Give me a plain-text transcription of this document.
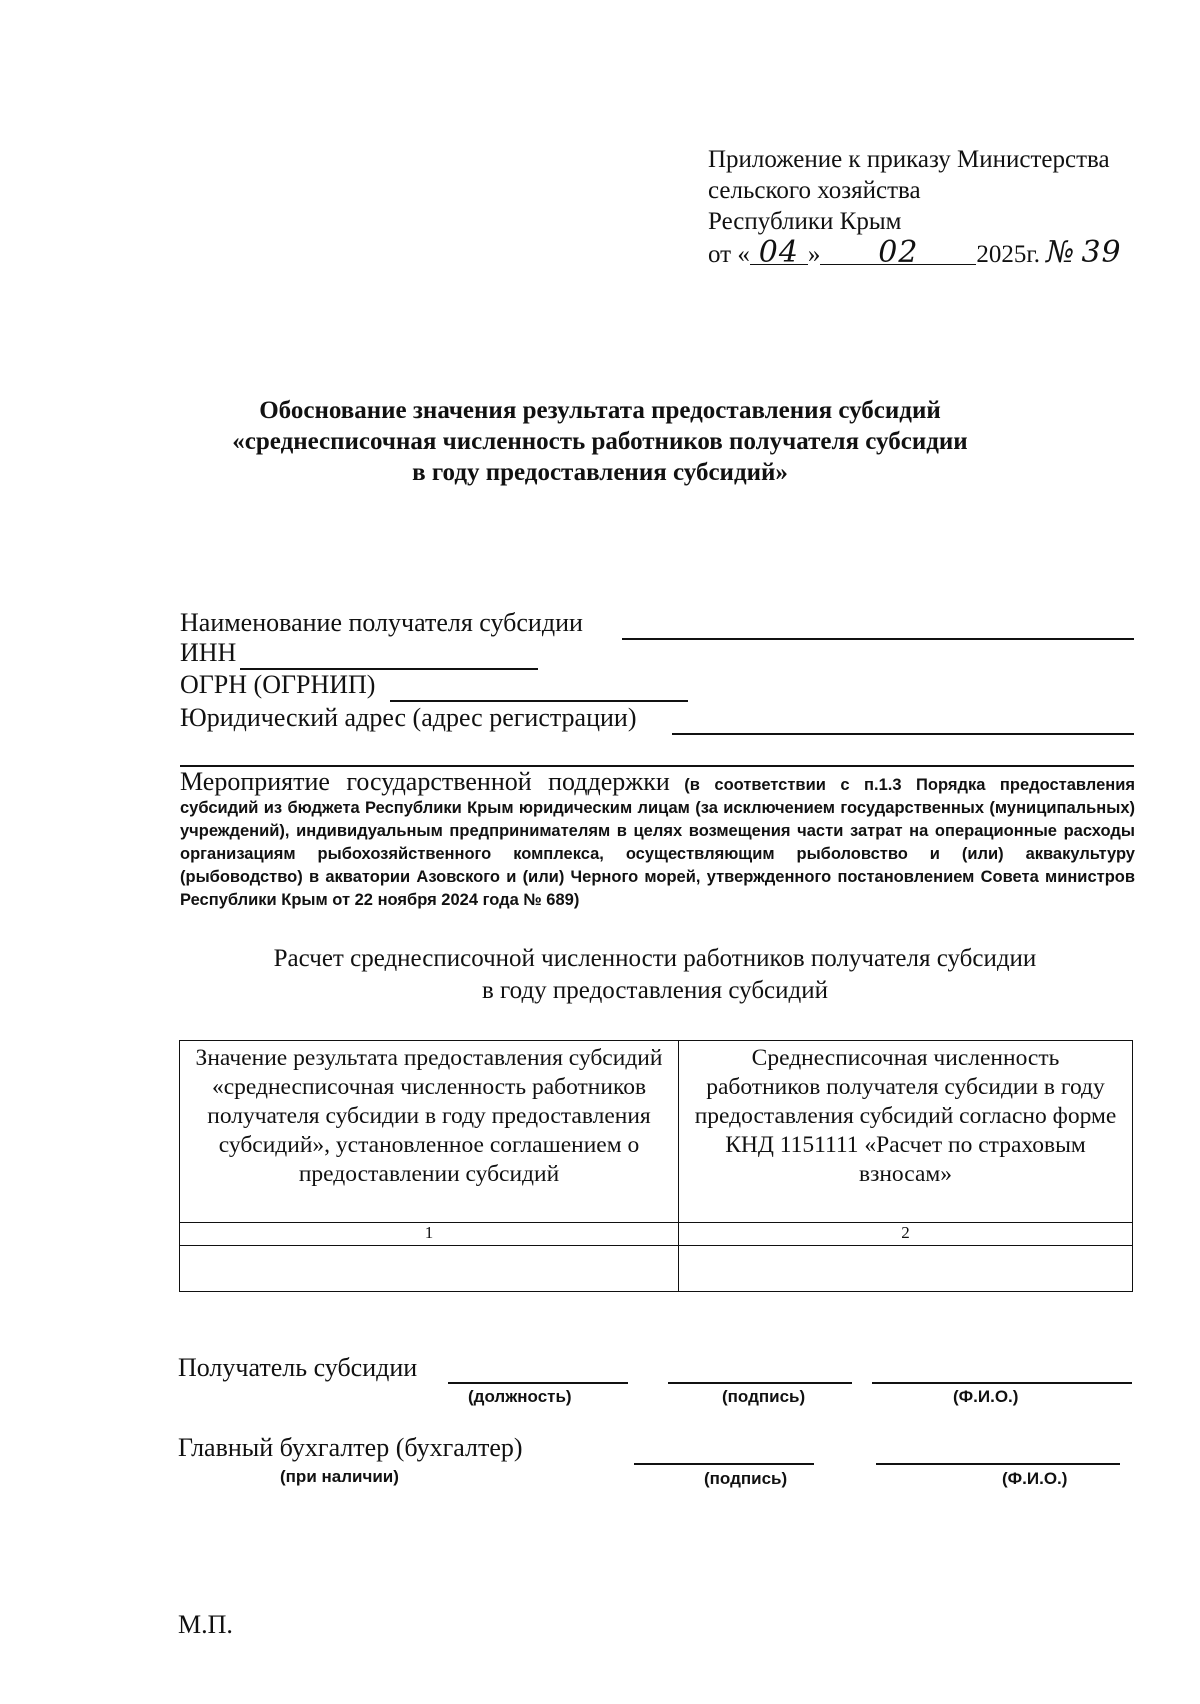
Приложение к приказу Министерства
сельского хозяйства
Республики Крым
от « 04 » 02 2025г. № 39
Обоснование значения результата предоставления субсидий
«среднесписочная численность работников получателя субсидии
в году предоставления субсидий»
Наименование получателя субсидии
ИНН
ОГРН (ОГРНИП)
Юридический адрес (адрес регистрации)
Мероприятие государственной поддержки (в соответствии с п.1.3 Порядка предоставления субсидий из бюджета Республики Крым юридическим лицам (за исключением государственных (муниципальных) учреждений), индивидуальным предпринимателям в целях возмещения части затрат на операционные расходы организациям рыбохозяйственного комплекса, осуществляющим рыболовство и (или) аквакультуру (рыбоводство) в акватории Азовского и (или) Черного морей, утвержденного постановлением Совета министров Республики Крым от 22 ноября 2024 года № 689)
Расчет среднесписочной численности работников получателя субсидии
в году предоставления субсидий
Значение результата предоставления субсидий «среднесписочная численность работников получателя субсидии в году предоставления субсидий», установленное соглашением о предоставлении субсидий	Среднесписочная численность работников получателя субсидии в году предоставления субсидий согласно форме КНД 1151111 «Расчет по страховым взносам»
1	2

Получатель субсидии
(должность)	(подпись)	(Ф.И.О.)
Главный бухгалтер (бухгалтер)
(при наличии)	(подпись)	(Ф.И.О.)
М.П.
